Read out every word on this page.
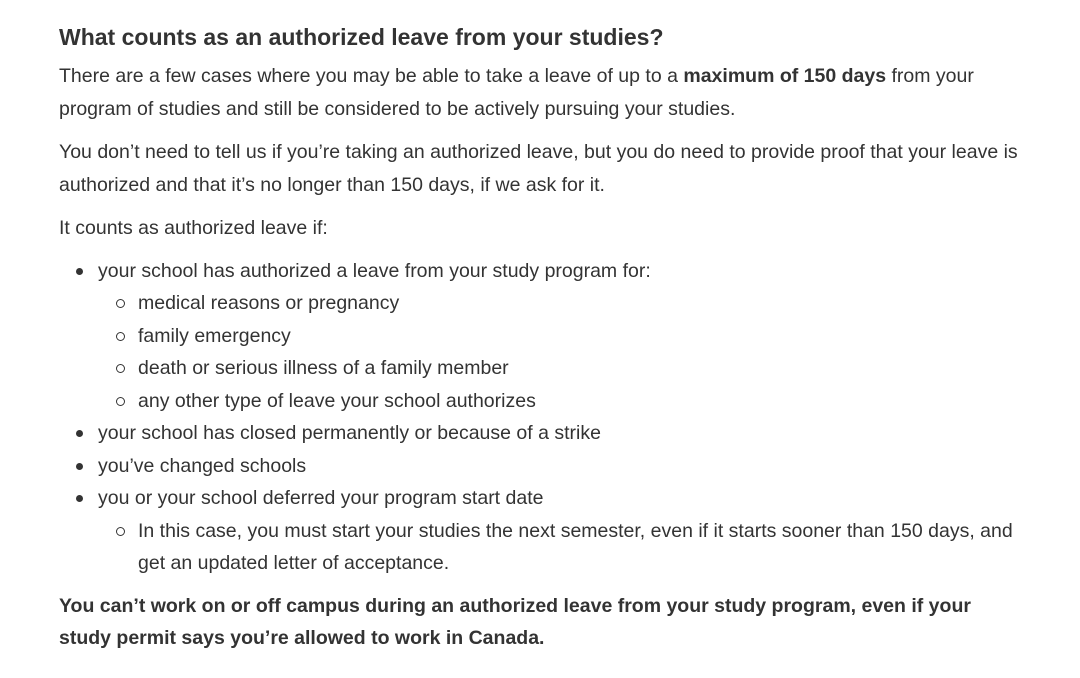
What counts as an authorized leave from your studies?

There are a few cases where you may be able to take a leave of up to a maximum of 150 days from your program of studies and still be considered to be actively pursuing your studies.

You don’t need to tell us if you’re taking an authorized leave, but you do need to provide proof that your leave is authorized and that it’s no longer than 150 days, if we ask for it.

It counts as authorized leave if:

your school has authorized a leave from your study program for:
medical reasons or pregnancy
family emergency
death or serious illness of a family member
any other type of leave your school authorizes
your school has closed permanently or because of a strike
you’ve changed schools
you or your school deferred your program start date
In this case, you must start your studies the next semester, even if it starts sooner than 150 days, and get an updated letter of acceptance.

You can’t work on or off campus during an authorized leave from your study program, even if your study permit says you’re allowed to work in Canada.
